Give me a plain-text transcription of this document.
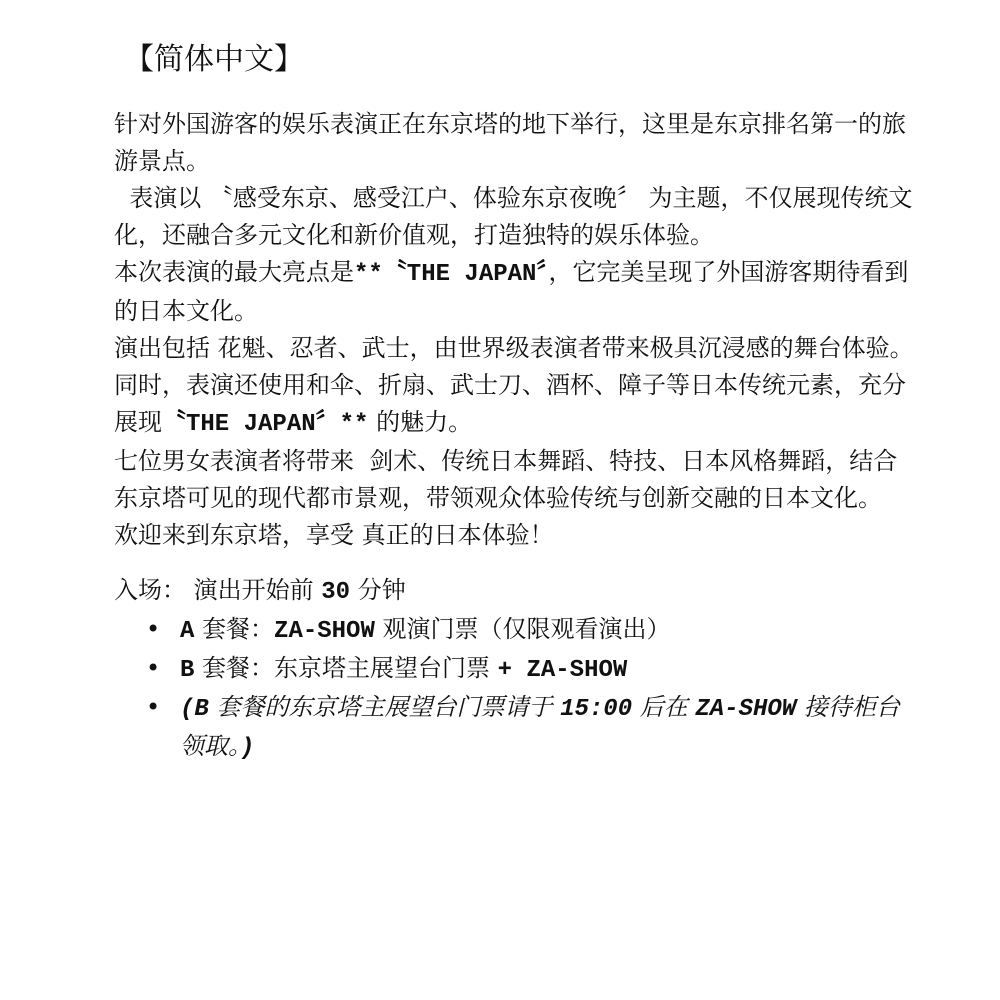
【简体中文】

针对外国游客的娱乐表演正在东京塔的地下举行，这里是东京排名第一的旅游景点。

表演以 〝感受东京、感受江户、体验东京夜晚〞 为主题，不仅展现传统文化，还融合多元文化和新价值观，打造独特的娱乐体验。

本次表演的最大亮点是**〝THE JAPAN〞，它完美呈现了外国游客期待看到的日本文化。

演出包括 花魁、忍者、武士，由世界级表演者带来极具沉浸感的舞台体验。同时，表演还使用和伞、折扇、武士刀、酒杯、障子等日本传统元素，充分展现〝THE JAPAN〞** 的魅力。

七位男女表演者将带来  剑术、传统日本舞蹈、特技、日本风格舞蹈，结合东京塔可见的现代都市景观，带领观众体验传统与创新交融的日本文化。

欢迎来到东京塔，享受 真正的日本体验！

入场： 演出开始前 30 分钟

• A 套餐：ZA-SHOW 观演门票（仅限观看演出）
• B 套餐：东京塔主展望台门票 + ZA-SHOW
• (B 套餐的东京塔主展望台门票请于 15:00 后在 ZA-SHOW 接待柜台领取。)
